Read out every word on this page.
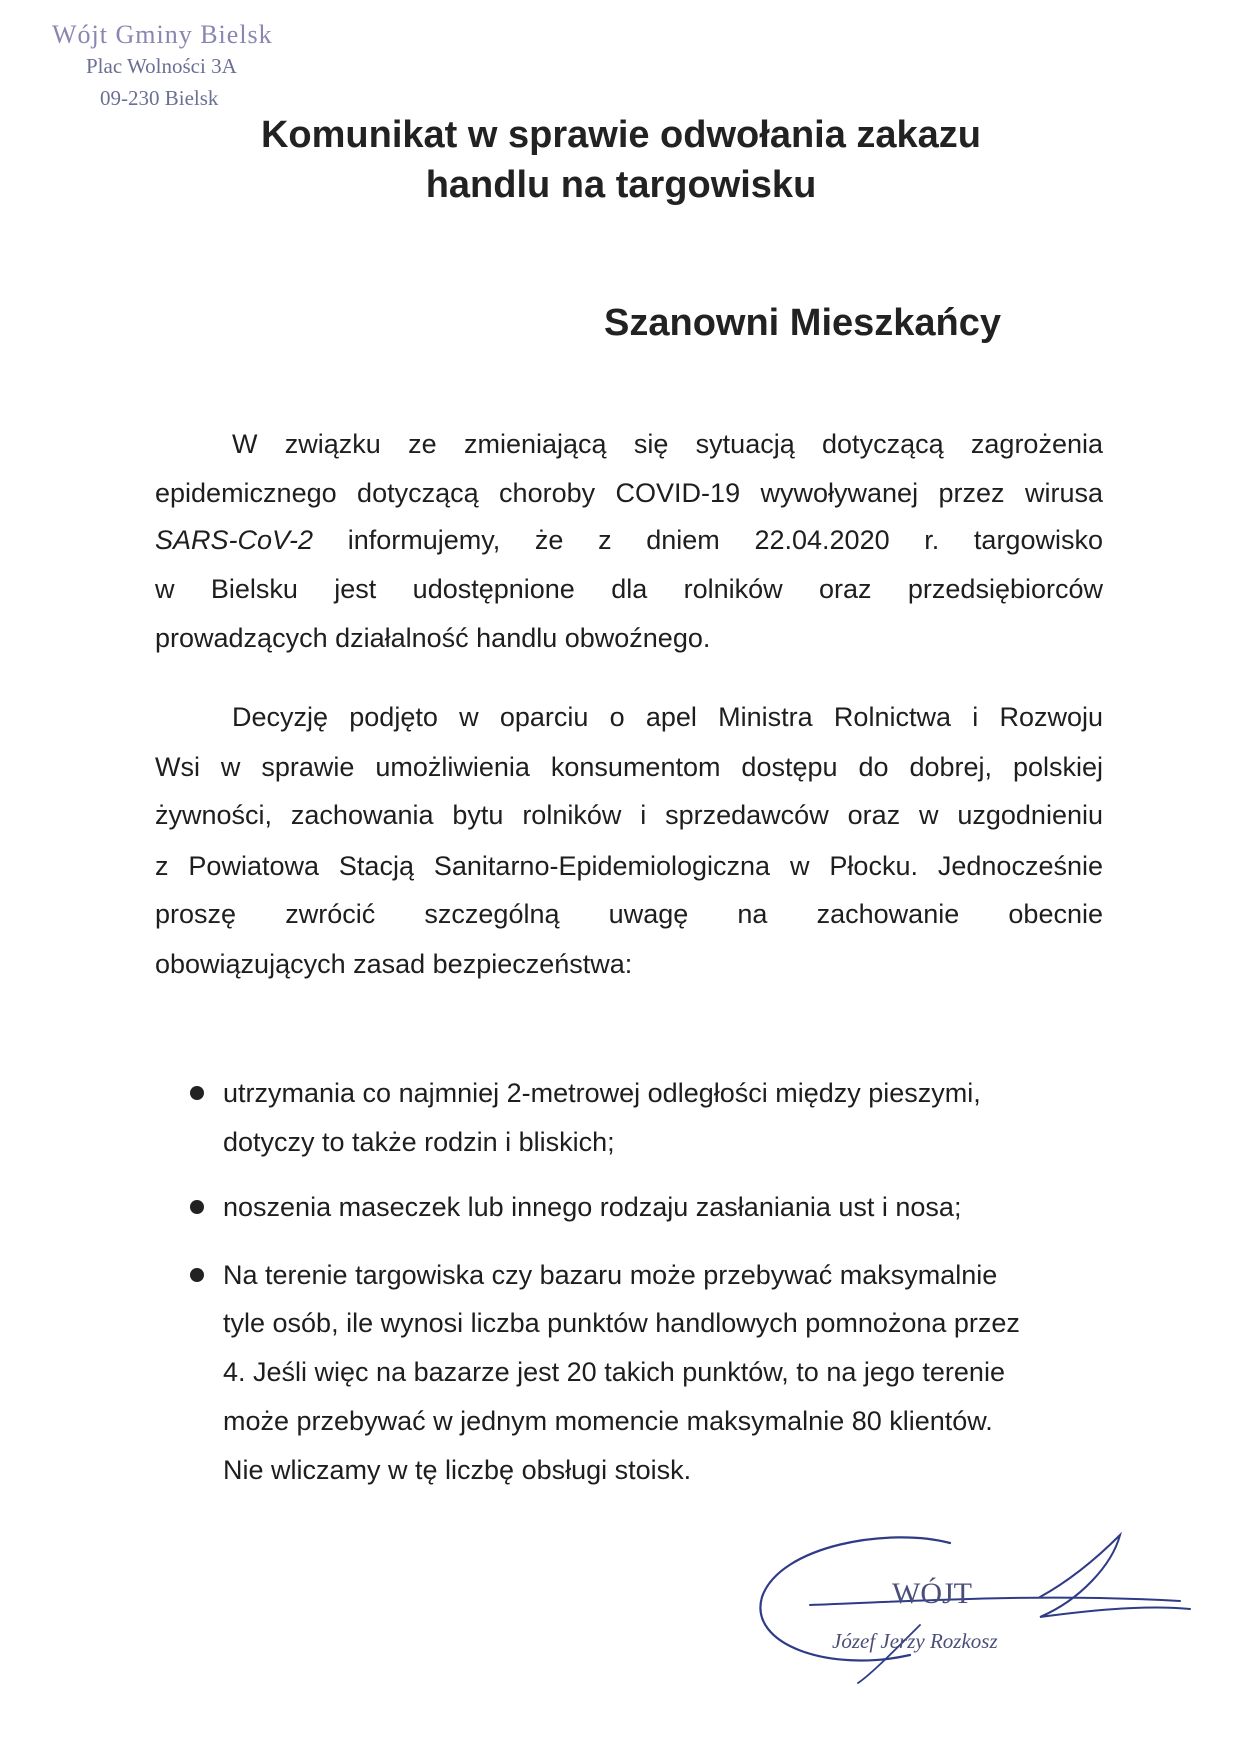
Wójt Gminy Bielsk
Plac Wolności 3A
09-230 Bielsk
Komunikat w sprawie odwołania zakazu
handlu na targowisku
Szanowni Mieszkańcy
W związku ze zmieniającą się sytuacją dotyczącą zagrożenia
epidemicznego dotyczącą choroby COVID-19 wywoływanej przez wirusa
SARS-CoV-2 informujemy, że z dniem 22.04.2020 r. targowisko
w Bielsku jest udostępnione dla rolników oraz przedsiębiorców
prowadzących działalność handlu obwoźnego.
Decyzję podjęto w oparciu o apel Ministra Rolnictwa i Rozwoju
Wsi w sprawie umożliwienia konsumentom dostępu do dobrej, polskiej
żywności, zachowania bytu rolników i sprzedawców oraz w uzgodnieniu
z Powiatowa Stacją Sanitarno-Epidemiologiczna w Płocku. Jednocześnie
proszę zwrócić szczególną uwagę na zachowanie obecnie
obowiązujących zasad bezpieczeństwa:
utrzymania co najmniej 2-metrowej odległości między pieszymi,
dotyczy to także rodzin i bliskich;
noszenia maseczek lub innego rodzaju zasłaniania ust i nosa;
Na terenie targowiska czy bazaru może przebywać maksymalnie
tyle osób, ile wynosi liczba punktów handlowych pomnożona przez
4. Jeśli więc na bazarze jest 20 takich punktów, to na jego terenie
może przebywać w jednym momencie maksymalnie 80 klientów.
Nie wliczamy w tę liczbę obsługi stoisk.
WÓJT
Józef Jerzy Rozkosz
